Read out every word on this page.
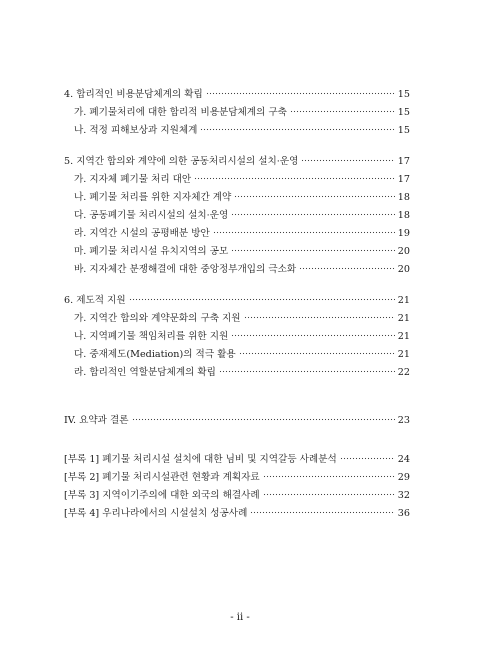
4. 합리적인 비용분담체계의 확립	15
가. 폐기물처리에 대한 합리적 비용분담체계의 구축	15
나. 적정 피해보상과 지원체계	15
5. 지역간 합의와 계약에 의한 공동처리시설의 설치·운영	17
가. 지자체 폐기물 처리 대안	17
나. 폐기물 처리를 위한 지자체간 계약	18
다. 공동폐기물 처리시설의 설치·운영	18
라. 지역간 시설의 공평배분 방안	19
마. 폐기물 처리시설 유치지역의 공모	20
바. 지자체간 분쟁해결에 대한 중앙정부개입의 극소화	20
6. 제도적 지원	21
가. 지역간 합의와 계약문화의 구축 지원	21
나. 지역폐기물 책임처리를 위한 지원	21
다. 중재제도(Mediation)의 적극 활용	21
라. 합리적인 역할분담체계의 확립	22
IV. 요약과 결론	23
[부록 1] 폐기물 처리시설 설치에 대한 님비 및 지역갈등 사례분석	24
[부록 2] 폐기물 처리시설관련 현황과 계획자료	29
[부록 3] 지역이기주의에 대한 외국의 해결사례	32
[부록 4] 우리나라에서의 시설설치 성공사례	36
- ii -
